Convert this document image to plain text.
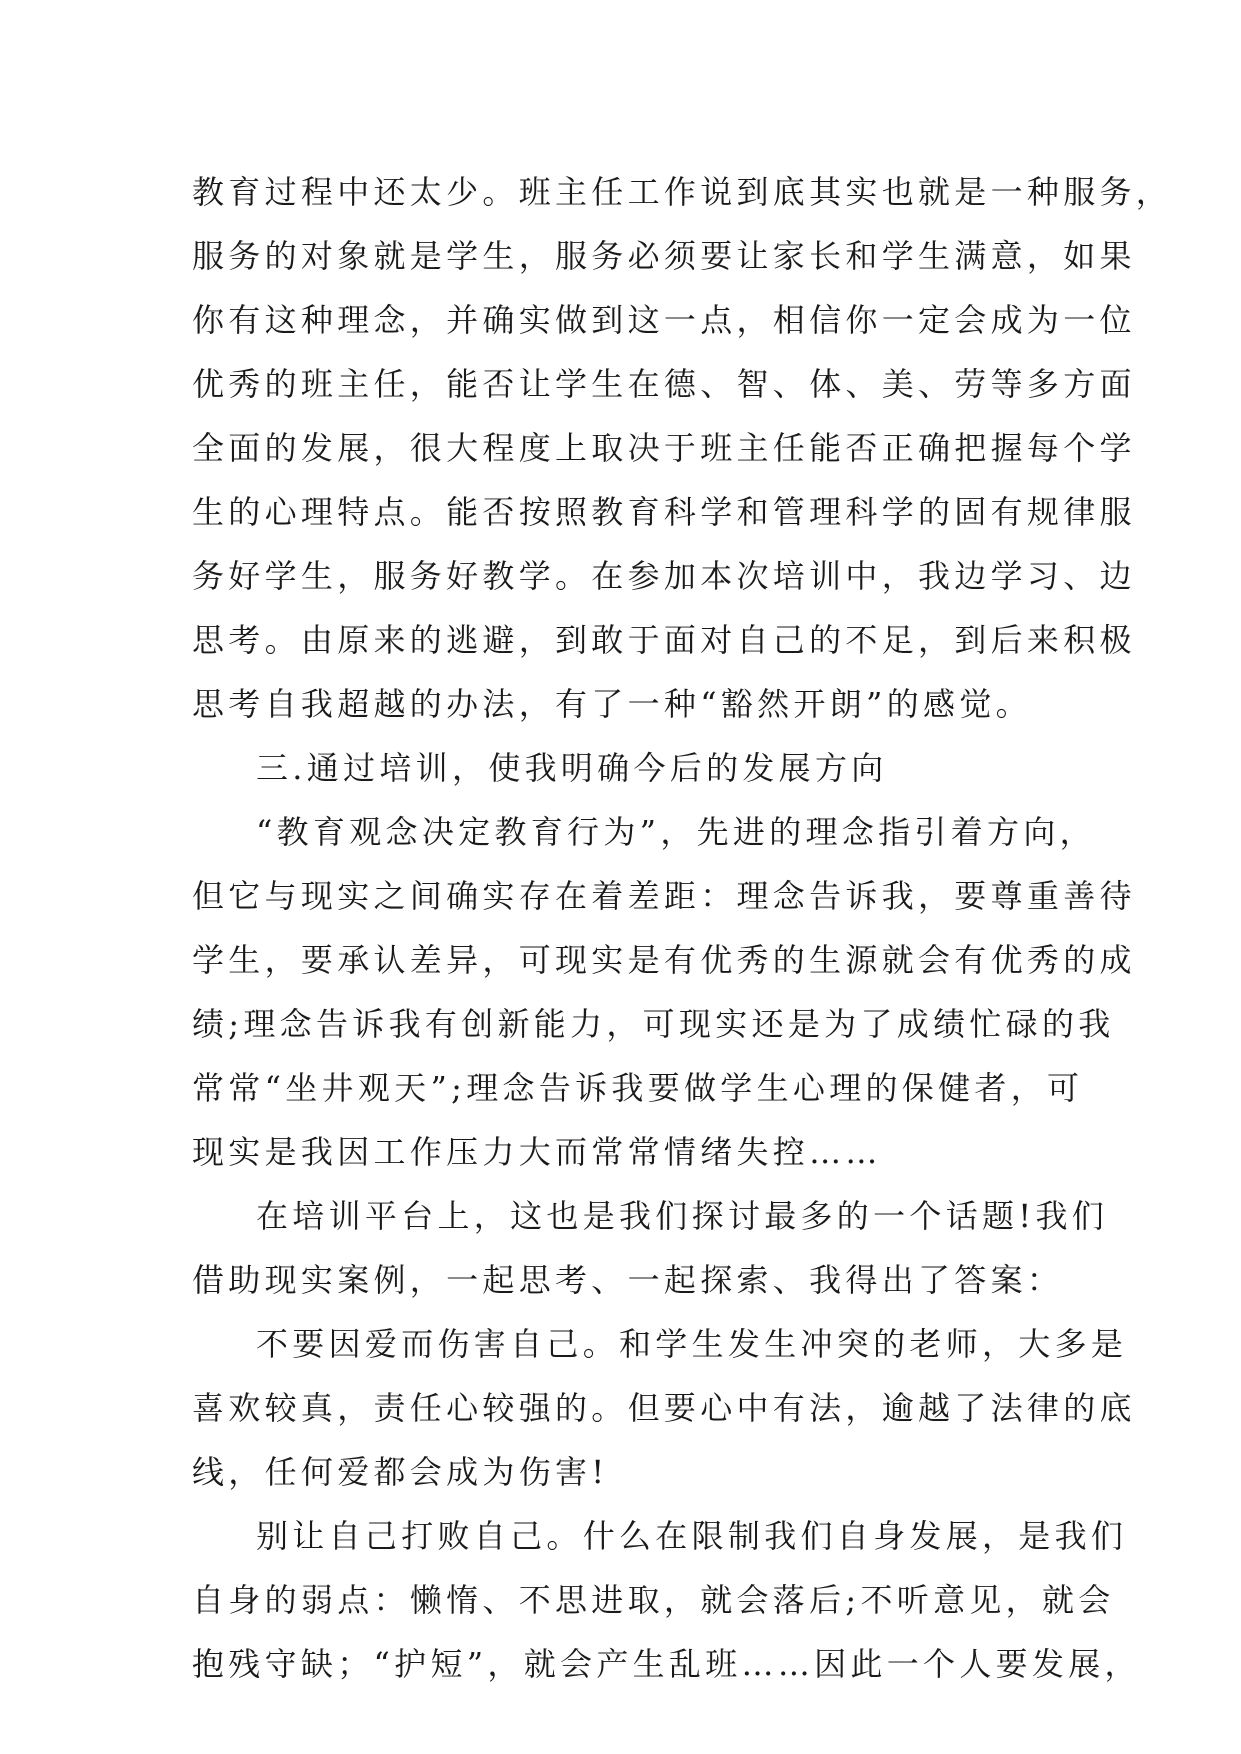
教育过程中还太少。班主任工作说到底其实也就是一种服务，
服务的对象就是学生，服务必须要让家长和学生满意，如果
你有这种理念，并确实做到这一点，相信你一定会成为一位
优秀的班主任，能否让学生在德、智、体、美、劳等多方面
全面的发展，很大程度上取决于班主任能否正确把握每个学
生的心理特点。能否按照教育科学和管理科学的固有规律服
务好学生，服务好教学。在参加本次培训中，我边学习、边
思考。由原来的逃避，到敢于面对自己的不足，到后来积极
思考自我超越的办法，有了一种“豁然开朗”的感觉。
三.通过培训，使我明确今后的发展方向
“教育观念决定教育行为”，先进的理念指引着方向，
但它与现实之间确实存在着差距：理念告诉我，要尊重善待
学生，要承认差异，可现实是有优秀的生源就会有优秀的成
绩;理念告诉我有创新能力，可现实还是为了成绩忙碌的我
常常“坐井观天”;理念告诉我要做学生心理的保健者，可
现实是我因工作压力大而常常情绪失控……
在培训平台上，这也是我们探讨最多的一个话题!我们
借助现实案例，一起思考、一起探索、我得出了答案：
不要因爱而伤害自己。和学生发生冲突的老师，大多是
喜欢较真，责任心较强的。但要心中有法，逾越了法律的底
线，任何爱都会成为伤害!
别让自己打败自己。什么在限制我们自身发展，是我们
自身的弱点：懒惰、不思进取，就会落后;不听意见，就会
抱残守缺；“护短”，就会产生乱班……因此一个人要发展，
